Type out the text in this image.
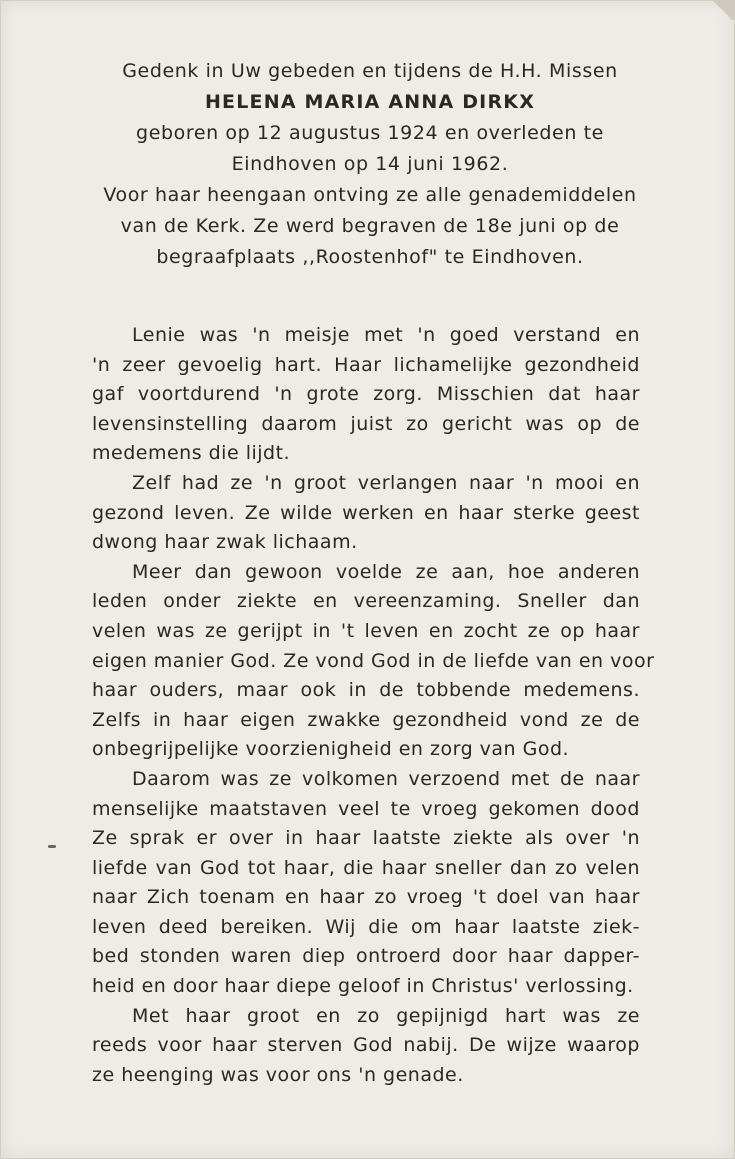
Gedenk in Uw gebeden en tijdens de H.H. Missen
HELENA MARIA ANNA DIRKX
geboren op 12 augustus 1924 en overleden te
Eindhoven op 14 juni 1962.
Voor haar heengaan ontving ze alle genademiddelen
van de Kerk. Ze werd begraven de 18e juni op de
begraafplaats ,,Roostenhof" te Eindhoven.
Lenie was 'n meisje met 'n goed verstand en
'n zeer gevoelig hart. Haar lichamelijke gezondheid
gaf voortdurend 'n grote zorg. Misschien dat haar
levensinstelling daarom juist zo gericht was op de
medemens die lijdt.
Zelf had ze 'n groot verlangen naar 'n mooi en
gezond leven. Ze wilde werken en haar sterke geest
dwong haar zwak lichaam.
Meer dan gewoon voelde ze aan, hoe anderen
leden onder ziekte en vereenzaming. Sneller dan
velen was ze gerijpt in 't leven en zocht ze op haar
eigen manier God. Ze vond God in de liefde van en voor
haar ouders, maar ook in de tobbende medemens.
Zelfs in haar eigen zwakke gezondheid vond ze de
onbegrijpelijke voorzienigheid en zorg van God.
Daarom was ze volkomen verzoend met de naar
menselijke maatstaven veel te vroeg gekomen dood
Ze sprak er over in haar laatste ziekte als over 'n
liefde van God tot haar, die haar sneller dan zo velen
naar Zich toenam en haar zo vroeg 't doel van haar
leven deed bereiken. Wij die om haar laatste ziek-
bed stonden waren diep ontroerd door haar dapper-
heid en door haar diepe geloof in Christus' verlossing.
Met haar groot en zo gepijnigd hart was ze
reeds voor haar sterven God nabij. De wijze waarop
ze heenging was voor ons 'n genade.
